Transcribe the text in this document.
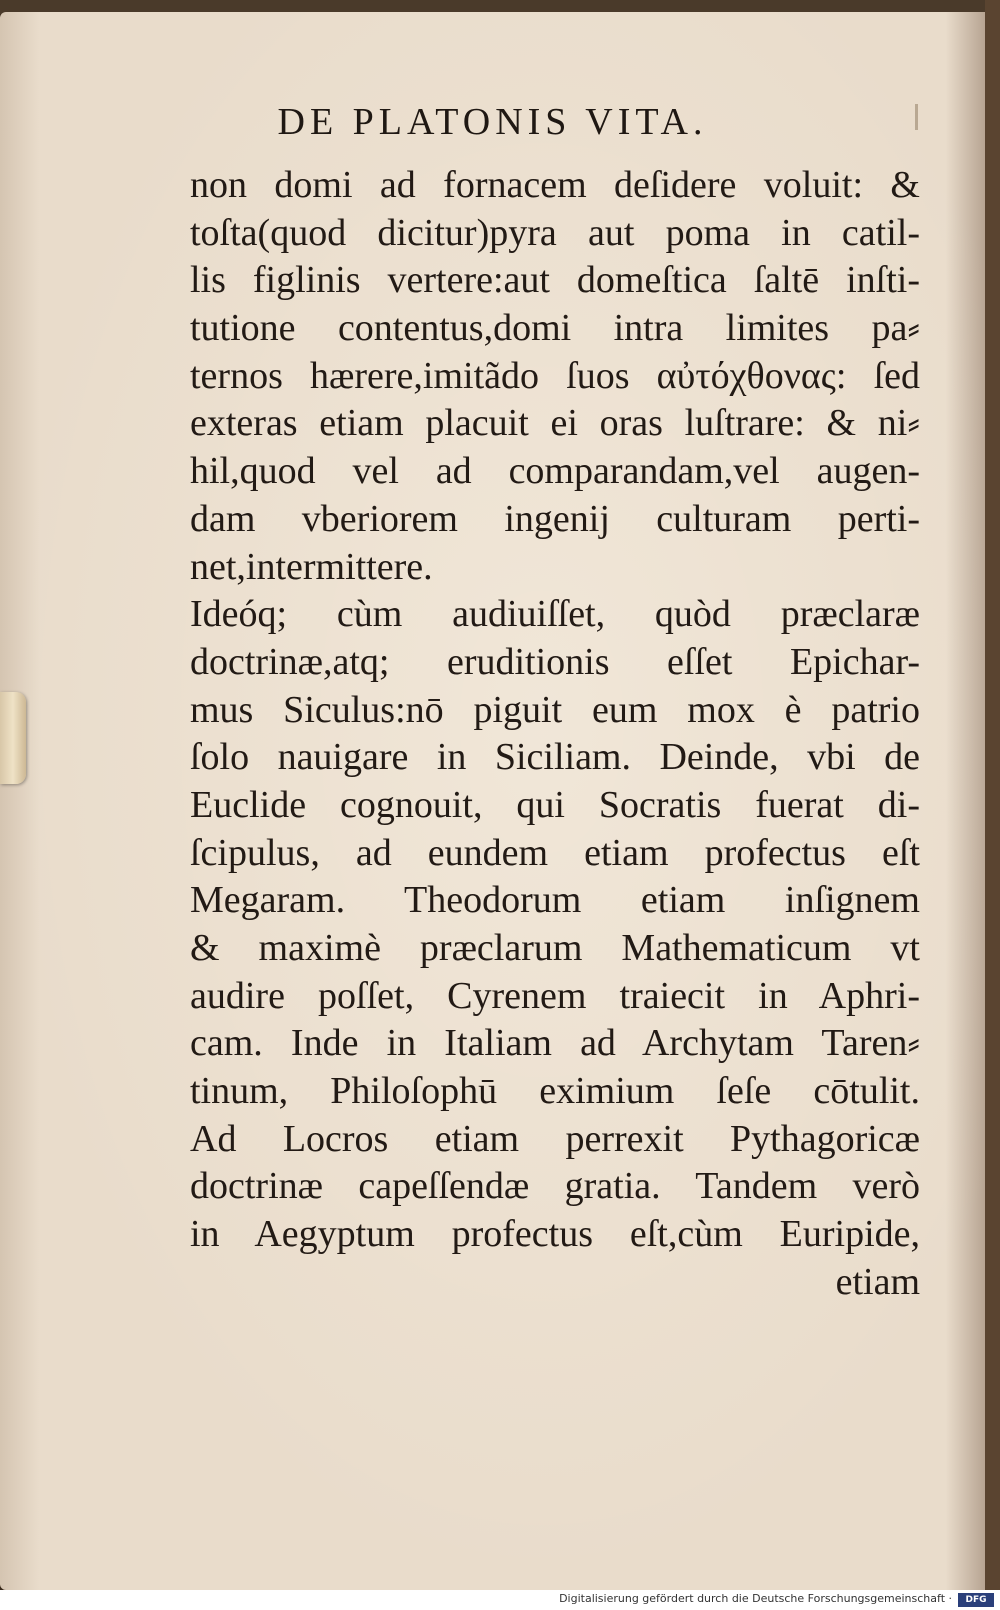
DE PLATONIS VITA.
non domi ad fornacem deſidere voluit: &
toſta(quod dicitur)pyra aut poma in catil-
lis figlinis vertere:aut domeſtica ſaltē inſti-
tutione contentus,domi intra limites pa⸗
ternos hærere,imitãdo ſuos αὐτόχθονας: ſed
exteras etiam placuit ei oras luſtrare: & ni⸗
hil,quod vel ad comparandam,vel augen-
dam vberiorem ingenij culturam perti-
net,intermittere.
Ideóq; cùm audiuiſſet, quòd præclaræ
doctrinæ,atq; eruditionis eſſet Epichar-
mus Siculus:nō piguit eum mox è patrio
ſolo nauigare in Siciliam. Deinde, vbi de
Euclide cognouit, qui Socratis fuerat di-
ſcipulus, ad eundem etiam profectus eſt
Megaram. Theodorum etiam inſignem
& maximè præclarum Mathematicum vt
audire poſſet, Cyrenem traiecit in Aphri-
cam. Inde in Italiam ad Archytam Taren⸗
tinum, Philoſophū eximium ſeſe cōtulit.
Ad Locros etiam perrexit Pythagoricæ
doctrinæ capeſſendæ gratia. Tandem verò
in Aegyptum profectus eſt,cùm Euripide,
etiam
Digitalisierung gefördert durch die Deutsche Forschungsgemeinschaft ·	DFG
